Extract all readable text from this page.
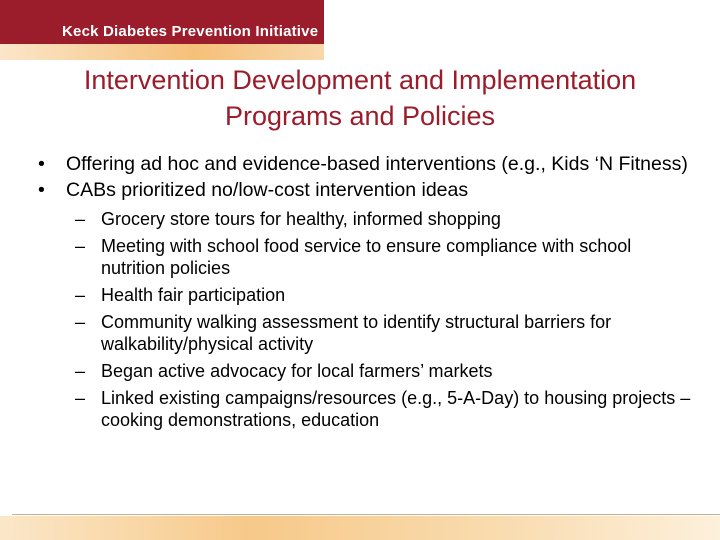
Keck Diabetes Prevention Initiative
Intervention Development and Implementation
Programs and Policies
• Offering ad hoc and evidence-based interventions (e.g., Kids ‘N Fitness)
• CABs prioritized no/low-cost intervention ideas
– Grocery store tours for healthy, informed shopping
– Meeting with school food service to ensure compliance with school nutrition policies
– Health fair participation
– Community walking assessment to identify structural barriers for walkability/physical activity
– Began active advocacy for local farmers’ markets
– Linked existing campaigns/resources (e.g., 5-A-Day) to housing projects – cooking demonstrations, education
